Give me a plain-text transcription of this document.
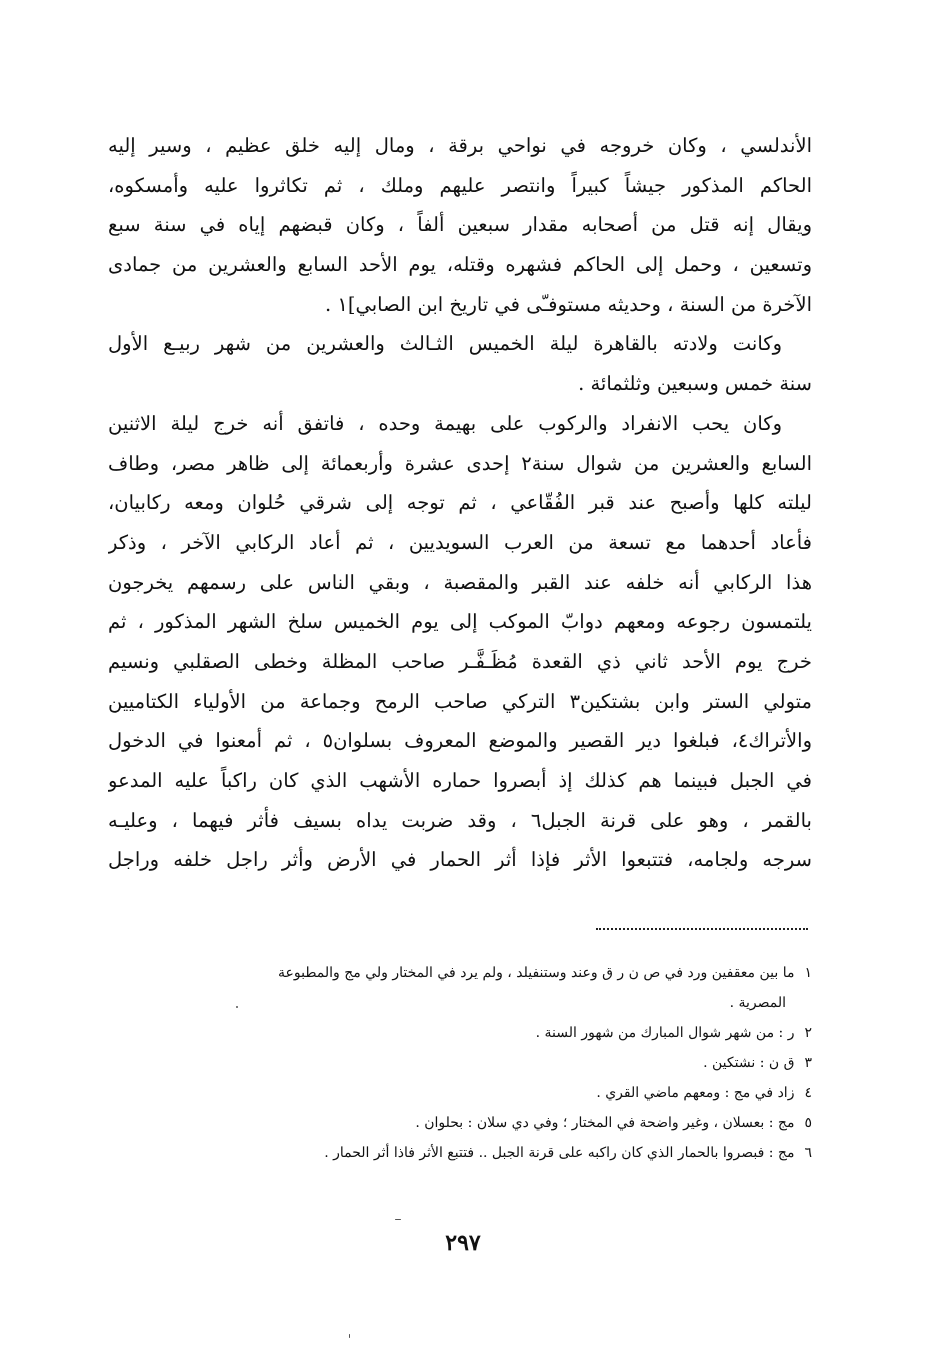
الأندلسي ، وكان خروجه في نواحي برقة ، ومال إليه خلق عظيم ، وسير إليه
الحاكم المذكور جيشاً كبيراً وانتصر عليهم وملك ، ثم تكاثروا عليه وأمسكوه،
ويقال إنه قتل من أصحابه مقدار سبعين ألفاً ، وكان قبضهم إياه في سنة سبع
وتسعين ، وحمل إلى الحاكم فشهره وقتله، يوم الأحد السابع والعشرين من جمادى
الآخرة من السنة ، وحديثه مستوفـّى في تاريخ ابن الصابي]١ .
وكانت ولادته بالقاهرة ليلة الخميس الثـالث والعشرين من شهر ربيـع الأول
سنة خمس وسبعين وثلثمائة .
وكان يحب الانفراد والركوب على بهيمة وحده ، فاتفق أنه خرج ليلة الاثنين
السابع والعشرين من شوال سنة٢ إحدى عشرة وأربعمائة إلى ظاهر مصر، وطاف
ليلته كلها وأصبح عند قبر الفُقّاعي ، ثم توجه إلى شرقي حُلوان ومعه ركابيان،
فأعاد أحدهما مع تسعة من العرب السويديين ، ثم أعاد الركابي الآخر ، وذكر
هذا الركابي أنه خلفه عند القبر والمقصبة ، وبقي الناس على رسمهم يخرجون
يلتمسون رجوعه ومعهم دوابّ الموكب إلى يوم الخميس سلخ الشهر المذكور ، ثم
خرج يوم الأحد ثاني ذي القعدة مُظَـفَّـر صاحب المظلة وخطى الصقلبي ونسيم
متولي الستر وابن بشتكين٣ التركي صاحب الرمح وجماعة من الأولياء الكتاميين
والأتراك٤، فبلغوا دير القصير والموضع المعروف بسلوان٥ ، ثم أمعنوا في الدخول
في الجبل فبينما هم كذلك إذ أبصروا حماره الأشهب الذي كان راكباً عليه المدعو
بالقمر ، وهو على قرنة الجبل٦ ، وقد ضربت يداه بسيف فأثر فيهما ، وعليـه
سرجه ولجامه، فتتبعوا الأثر فإذا أثر الحمار في الأرض وأثر راجل خلفه وراجل
١ما بين معقفين ورد في ص ن ر ق وعند وستنفيلد ، ولم يرد في المختار ولي مج والمطبوعة
المصرية .
٢ر : من شهر شوال المبارك من شهور السنة .
٣ق ن : نشتكين .
٤زاد في مج : ومعهم ماضي القري .
٥مج : بعسلان ، وغير واضحة في المختار ؛ وفي دي سلان : بحلوان .
٦مج : فبصروا بالحمار الذي كان راكبه على قرنة الجبل .. فتتبع الأثر فاذا أثر الحمار .
٢٩٧
